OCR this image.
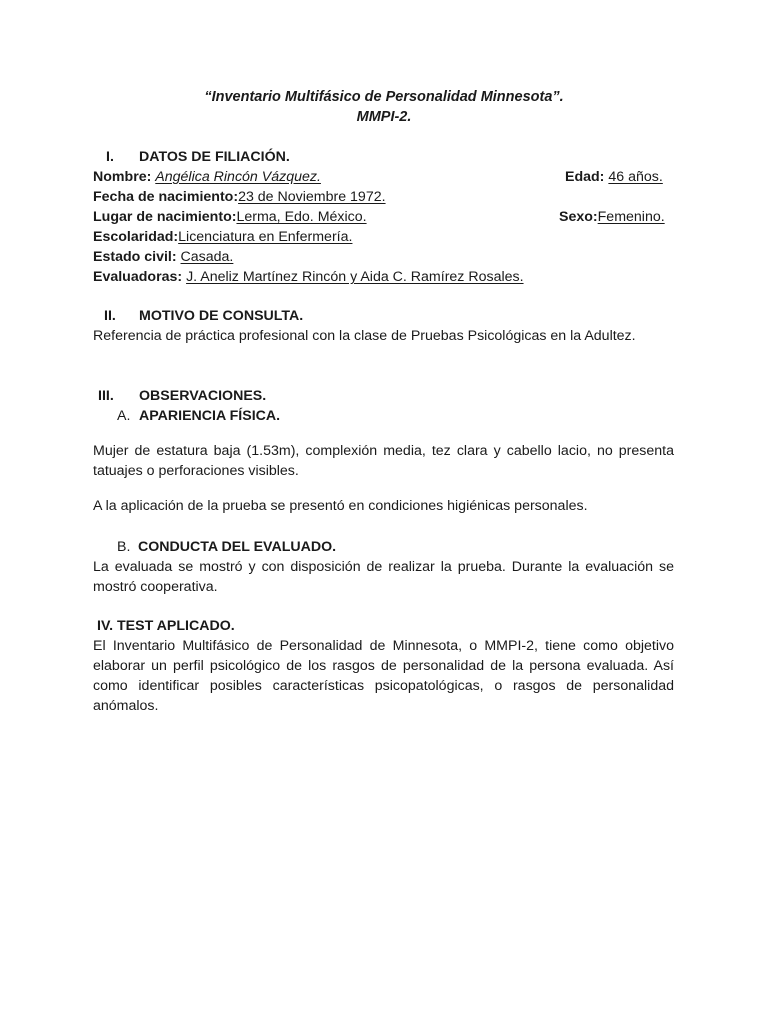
“Inventario Multifásico de Personalidad Minnesota”.
MMPI-2.
I. DATOS DE FILIACIÓN.
Nombre: Angélica Rincón Vázquez.	Edad: 46 años.
Fecha de nacimiento:23 de Noviembre 1972.
Lugar de nacimiento:Lerma, Edo. México.	Sexo:Femenino.
Escolaridad:Licenciatura en Enfermería.
Estado civil: Casada.
Evaluadoras: J. Aneliz Martínez Rincón y Aida C. Ramírez Rosales.
II. MOTIVO DE CONSULTA.
Referencia de práctica profesional con la clase de Pruebas Psicológicas en la Adultez.
III. OBSERVACIONES.
A. APARIENCIA FÍSICA.
Mujer de estatura baja (1.53m), complexión media, tez clara y cabello lacio, no presenta tatuajes o perforaciones visibles.
A la aplicación de la prueba se presentó en condiciones higiénicas personales.
B. CONDUCTA DEL EVALUADO.
La evaluada se mostró y con disposición de realizar la prueba. Durante la evaluación se mostró cooperativa.
IV. TEST APLICADO.
El Inventario Multifásico de Personalidad de Minnesota, o MMPI-2, tiene como objetivo elaborar un perfil psicológico de los rasgos de personalidad de la persona evaluada. Así como identificar posibles características psicopatológicas, o rasgos de personalidad anómalos.
